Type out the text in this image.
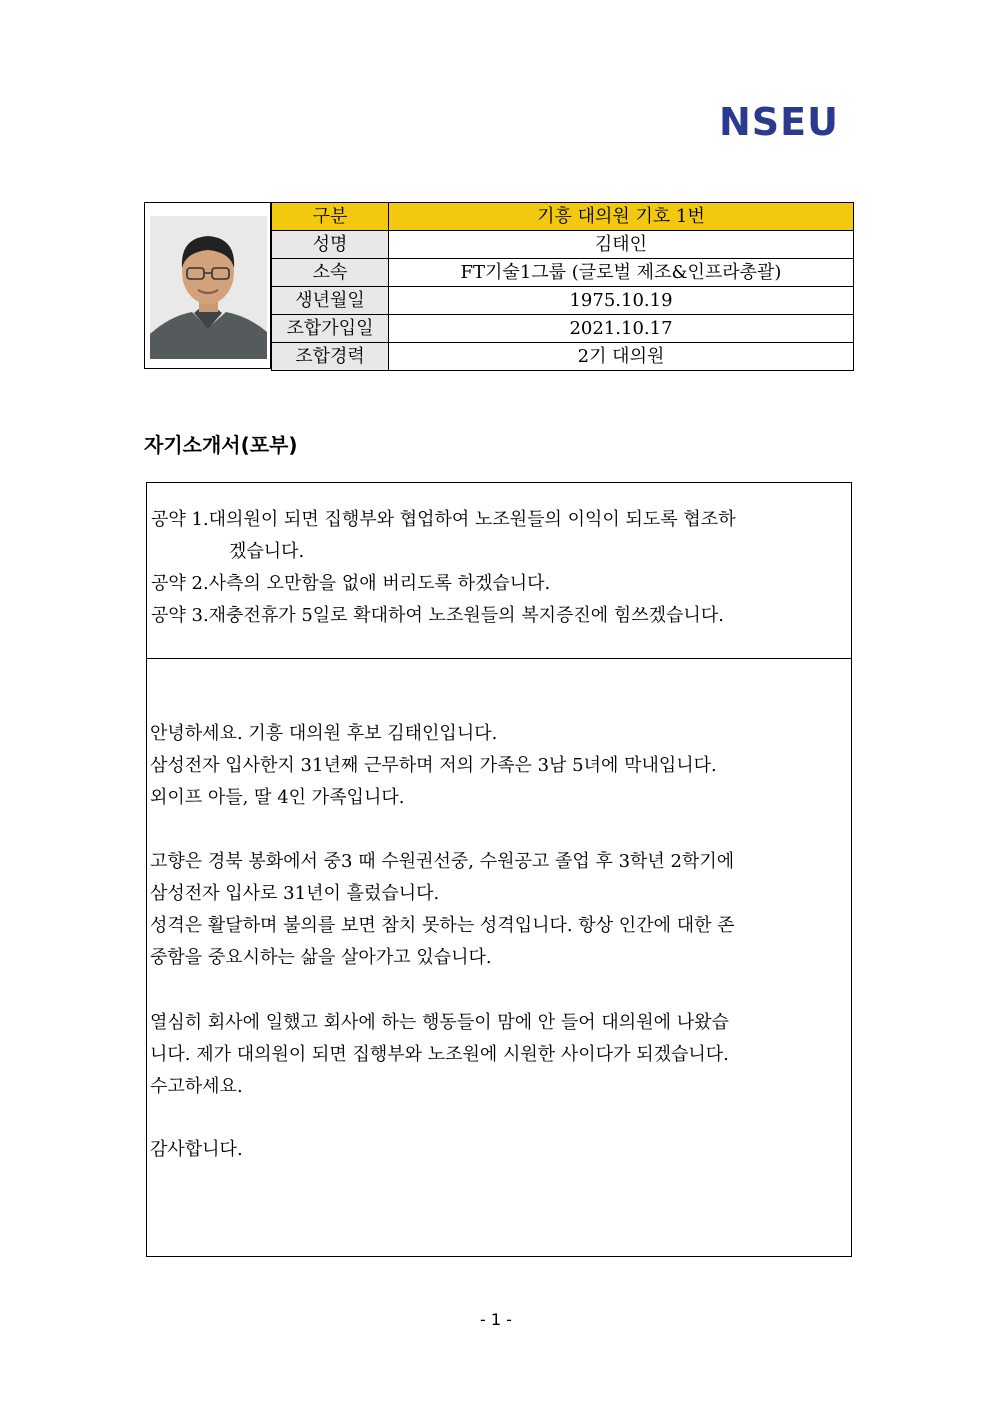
NSEU
구분	기흥 대의원 기호 1번
성명	김태인
소속	FT기술1그룹 (글로벌 제조&인프라총괄)
생년월일	1975.10.19
조합가입일	2021.10.17
조합경력	2기 대의원
자기소개서(포부)
공약 1. 대의원이 되면 집행부와 협업하여 노조원들의 이익이 되도록 협조하
겠습니다.
공약 2. 사측의 오만함을 없애 버리도록 하겠습니다.
공약 3. 재충전휴가 5일로 확대하여 노조원들의 복지증진에 힘쓰겠습니다.

안녕하세요. 기흥 대의원 후보 김태인입니다.

삼성전자 입사한지 31년째 근무하며 저의 가족은 3남 5녀에 막내입니다.

외이프 아들, 딸 4인 가족입니다.

고향은 경북 봉화에서 중3 때 수원권선중, 수원공고 졸업 후 3학년 2학기에

삼성전자 입사로 31년이 흘렀습니다.

성격은 활달하며 불의를 보면 참치 못하는 성격입니다. 항상 인간에 대한 존

중함을 중요시하는 삶을 살아가고 있습니다.

열심히 회사에 일했고 회사에 하는 행동들이 맘에 안 들어 대의원에 나왔습

니다. 제가 대의원이 되면 집행부와 노조원에 시원한 사이다가 되겠습니다.

수고하세요.

감사합니다.

- 1 -
